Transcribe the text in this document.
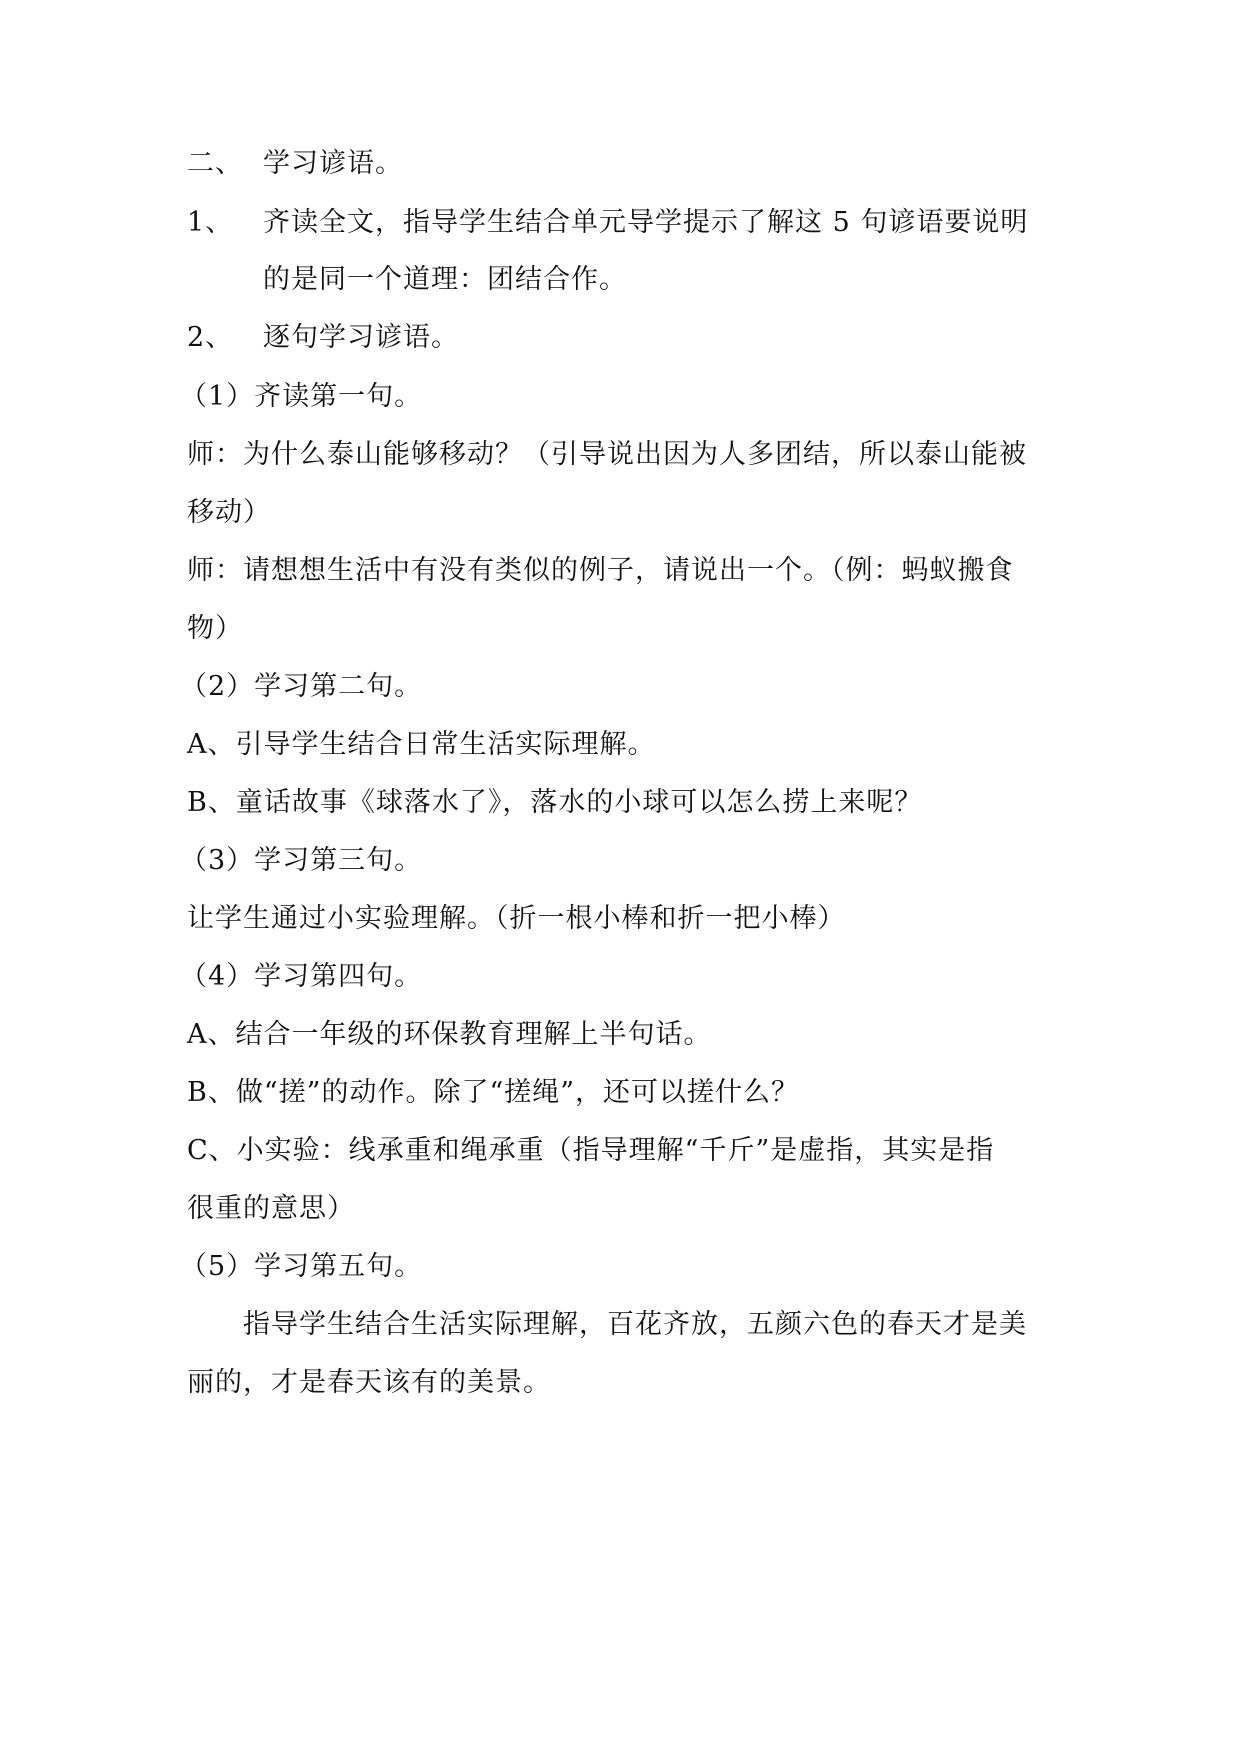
二、 学习谚语。
1、 齐读全文，指导学生结合单元导学提示了解这 5 句谚语要说明
的是同一个道理：团结合作。
2、 逐句学习谚语。
（1）齐读第一句。
师：为什么泰山能够移动？（引导说出因为人多团结，所以泰山能被
移动）
师：请想想生活中有没有类似的例子，请说出一个。（例：蚂蚁搬食
物）
（2）学习第二句。
A、引导学生结合日常生活实际理解。
B、童话故事《球落水了》，落水的小球可以怎么捞上来呢？
（3）学习第三句。
让学生通过小实验理解。（折一根小棒和折一把小棒）
（4）学习第四句。
A、结合一年级的环保教育理解上半句话。
B、做“搓”的动作。除了“搓绳”，还可以搓什么？
C、小实验：线承重和绳承重（指导理解“千斤”是虚指，其实是指
很重的意思）
（5）学习第五句。
指导学生结合生活实际理解，百花齐放，五颜六色的春天才是美
丽的，才是春天该有的美景。
